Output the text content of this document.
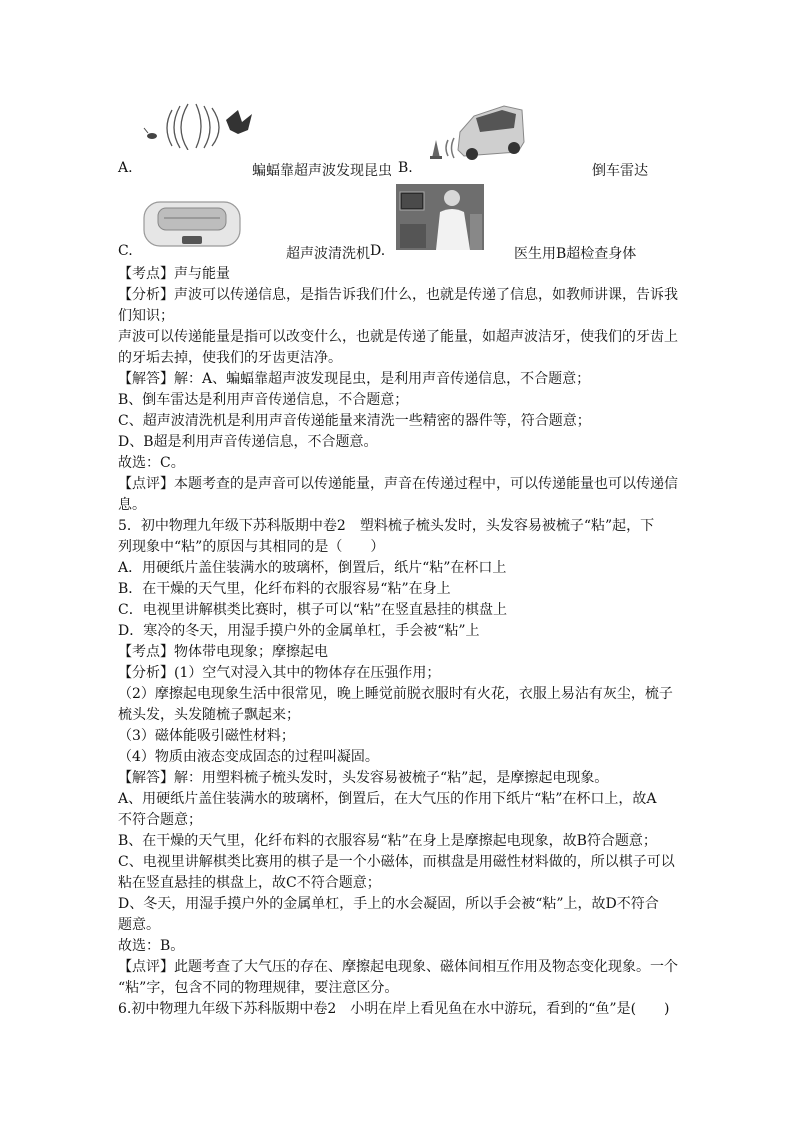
A.	蝙蝠靠超声波发现昆虫 B.	倒车雷达
C.	超声波清洗机 D.	医生用B超检查身体
【考点】声与能量
【分析】声波可以传递信息，是指告诉我们什么，也就是传递了信息，如教师讲课，告诉我
们知识；
声波可以传递能量是指可以改变什么，也就是传递了能量，如超声波洁牙，使我们的牙齿上
的牙垢去掉，使我们的牙齿更洁净。
【解答】解：A、蝙蝠靠超声波发现昆虫，是利用声音传递信息，不合题意；
B、倒车雷达是利用声音传递信息，不合题意；
C、超声波清洗机是利用声音传递能量来清洗一些精密的器件等，符合题意；
D、B超是利用声音传递信息，不合题意。
故选：C。
【点评】本题考查的是声音可以传递能量，声音在传递过程中，可以传递能量也可以传递信
息。
5．初中物理九年级下苏科版期中卷2　塑料梳子梳头发时，头发容易被梳子“粘”起，下
列现象中“粘”的原因与其相同的是（　　）
A．用硬纸片盖住装满水的玻璃杯，倒置后，纸片“粘”在杯口上
B．在干燥的天气里，化纤布料的衣服容易“粘”在身上
C．电视里讲解棋类比赛时，棋子可以“粘”在竖直悬挂的棋盘上
D．寒冷的冬天，用湿手摸户外的金属单杠，手会被“粘”上
【考点】物体带电现象；摩擦起电
【分析】(1）空气对浸入其中的物体存在压强作用；
（2）摩擦起电现象生活中很常见，晚上睡觉前脱衣服时有火花，衣服上易沾有灰尘，梳子
梳头发，头发随梳子飘起来；
（3）磁体能吸引磁性材料；
（4）物质由液态变成固态的过程叫凝固。
【解答】解：用塑料梳子梳头发时，头发容易被梳子“粘”起，是摩擦起电现象。
A、用硬纸片盖住装满水的玻璃杯，倒置后，在大气压的作用下纸片“粘”在杯口上，故A
不符合题意；
B、在干燥的天气里，化纤布料的衣服容易“粘”在身上是摩擦起电现象，故B符合题意；
C、电视里讲解棋类比赛用的棋子是一个小磁体，而棋盘是用磁性材料做的，所以棋子可以
粘在竖直悬挂的棋盘上，故C不符合题意；
D、冬天，用湿手摸户外的金属单杠，手上的水会凝固，所以手会被“粘”上，故D不符合
题意。
故选：B。
【点评】此题考查了大气压的存在、摩擦起电现象、磁体间相互作用及物态变化现象。一个
“粘”字，包含不同的物理规律，要注意区分。
6.初中物理九年级下苏科版期中卷2　小明在岸上看见鱼在水中游玩，看到的“鱼”是(　　)
